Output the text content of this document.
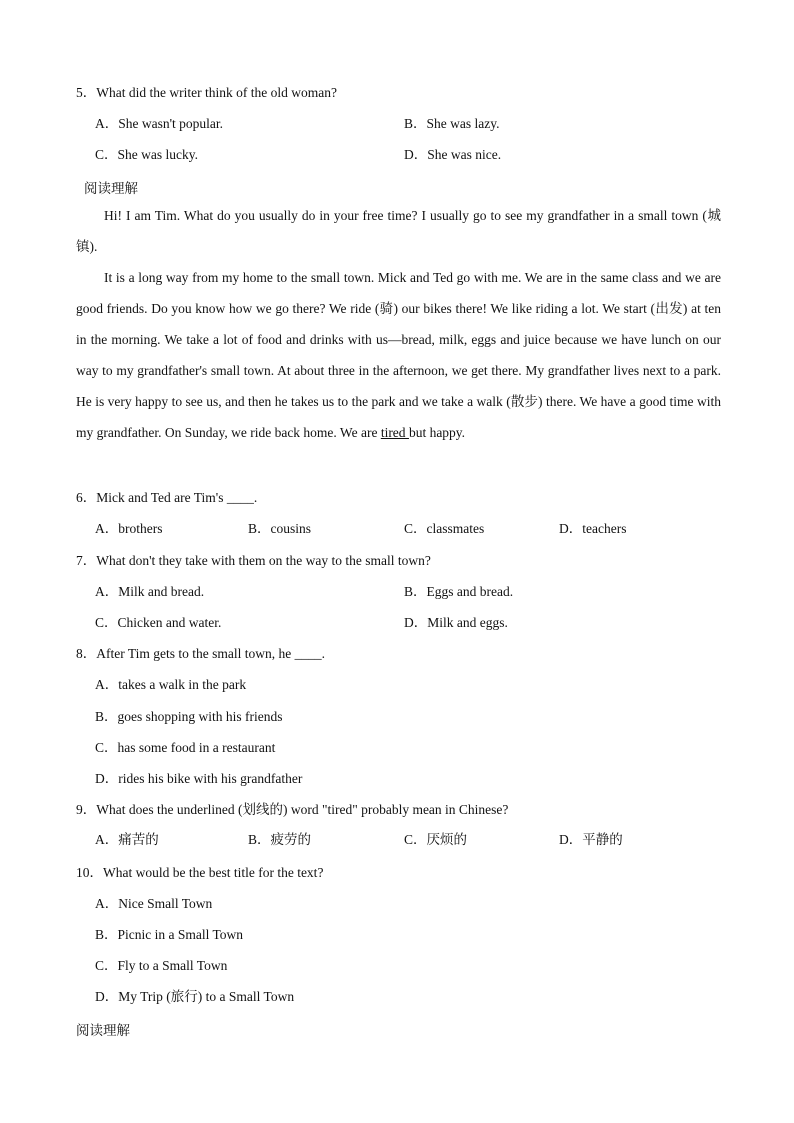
5．What did the writer think of the old woman?
A．She wasn't popular.	B．She was lazy.
C．She was lucky.	D．She was nice.
阅读理解

Hi! I am Tim. What do you usually do in your free time? I usually go to see my grandfather in a small town (城镇).

It is a long way from my home to the small town. Mick and Ted go with me. We are in the same class and we are good friends. Do you know how we go there? We ride (骑) our bikes there! We like riding a lot. We start (出发) at ten in the morning. We take a lot of food and drinks with us—bread, milk, eggs and juice because we have lunch on our way to my grandfather's small town. At about three in the afternoon, we get there. My grandfather lives next to a park. He is very happy to see us, and then he takes us to the park and we take a walk (散步) there. We have a good time with my grandfather. On Sunday, we ride back home. We are tired but happy.

6．Mick and Ted are Tim's ____.
A．brothers	B．cousins	C．classmates	D．teachers
7．What don't they take with them on the way to the small town?
A．Milk and bread.	B．Eggs and bread.
C．Chicken and water.	D．Milk and eggs.
8．After Tim gets to the small town, he ____.
A．takes a walk in the park
B．goes shopping with his friends
C．has some food in a restaurant
D．rides his bike with his grandfather
9．What does the underlined (划线的) word "tired" probably mean in Chinese?
A．痛苦的	B．疲劳的	C．厌烦的	D．平静的
10．What would be the best title for the text?
A．Nice Small Town
B．Picnic in a Small Town
C．Fly to a Small Town
D．My Trip (旅行) to a Small Town
阅读理解
